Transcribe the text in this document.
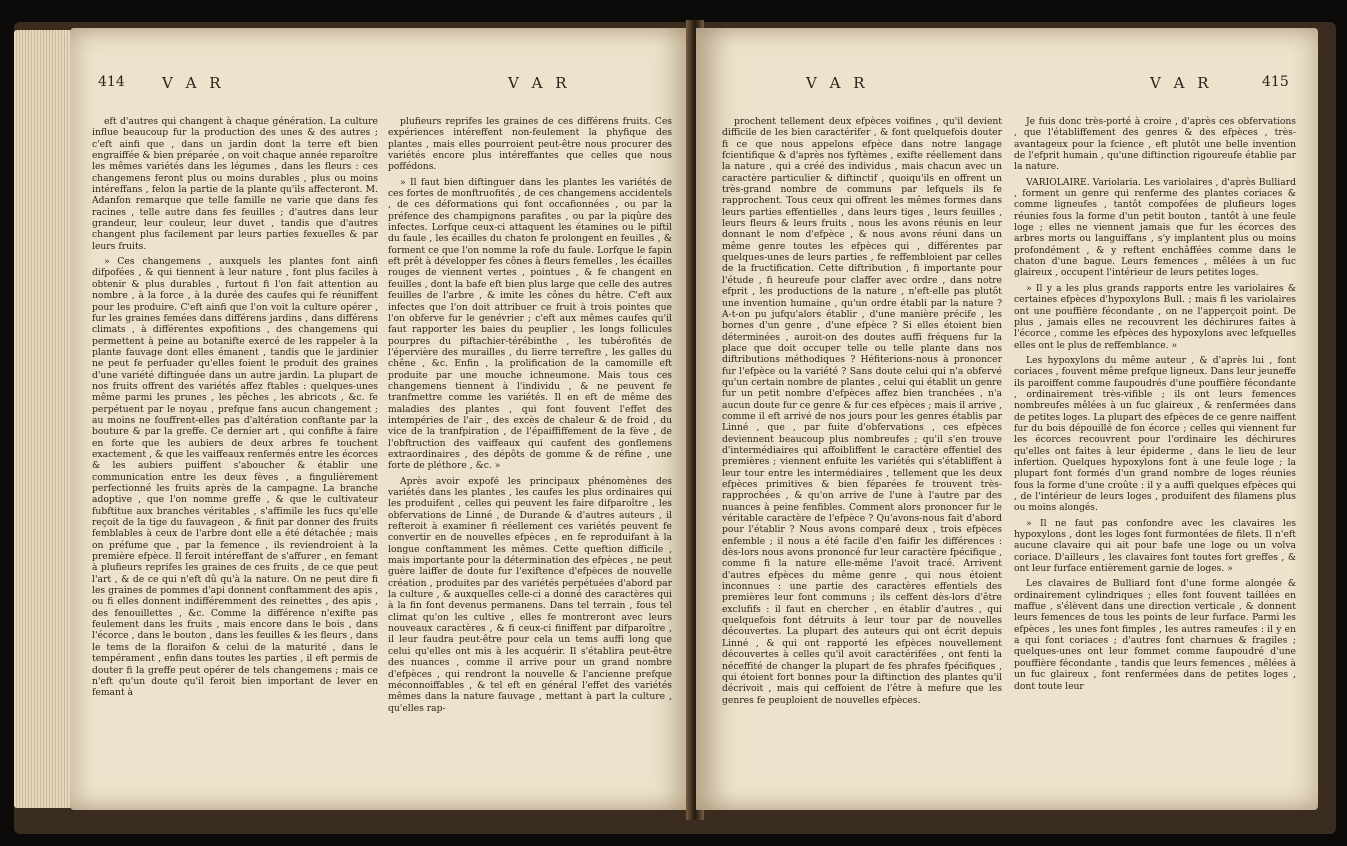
414 V A R	V A R

eft d'autres qui changent à chaque génération. La culture influe beaucoup fur la production des unes & des autres ; c'eft ainfi que , dans un jardin dont la terre eft bien engraiffée & bien préparée , on voit chaque année reparoître les mêmes variétés dans les légumes , dans les fleurs : ces changemens feront plus ou moins durables , plus ou moins intéreffans , felon la partie de la plante qu'ils affecteront. M. Adanfon remarque que telle famille ne varie que dans fes racines , telle autre dans fes feuilles ; d'autres dans leur grandeur, leur couleur, leur duvet , tandis que d'autres changent plus facilement par leurs parties fexuelles & par leurs fruits.

» Ces changemens , auxquels les plantes font ainfi difpofées , & qui tiennent à leur nature , font plus faciles à obtenir & plus durables , furtout fi l'on fait attention au nombre , à la force , à la durée des caufes qui fe réuniffent pour les produire. C'eft ainfi que l'on voit la culture opérer , fur les graines femées dans différens jardins , dans différens climats , à différentes expofitions , des changemens qui permettent à peine au botanifte exercé de les rappeler à la plante fauvage dont elles émanent , tandis que le jardinier ne peut fe perfuader qu'elles foient le produit des graines d'une variété diftinguée dans un autre jardin. La plupart de nos fruits offrent des variétés affez ftables : quelques-unes même parmi les prunes , les pêches , les abricots , &c. fe perpétuent par le noyau , prefque fans aucun changement ; au moins ne fouffrent-elles pas d'altération conftante par la bouture & par la greffe. Ce dernier art , qui confifte à faire en forte que les aubiers de deux arbres fe touchent exactement , & que les vaiffeaux renfermés entre les écorces & les aubiers puiffent s'aboucher & établir une communication entre les deux fèves , a fingulièrement perfectionné les fruits après de la campagne. La branche adoptive , que l'on nomme greffe , & que le cultivateur fubftitue aux branches véritables , s'affimile les fucs qu'elle reçoit de la tige du fauvageon , & finit par donner des fruits femblables à ceux de l'arbre dont elle a été détachée ; mais on préfume que , par la femence , ils reviendroient à la première efpèce. Il feroit intéreffant de s'affurer , en femant à plufieurs reprifes les graines de ces fruits , de ce que peut l'art , & de ce qui n'eft dû qu'à la nature. On ne peut dire fi les graines de pommes d'api donnent conftamment des apis , ou fi elles donnent indifféremment des reinettes , des apis , des fenouillettes , &c. Comme la différence n'exifte pas feulement dans les fruits , mais encore dans le bois , dans l'écorce , dans le bouton , dans les feuilles & les fleurs , dans le tems de la floraifon & celui de la maturité , dans le tempérament , enfin dans toutes les parties , il eft permis de douter fi la greffe peut opérer de tels changemens ; mais ce n'eft qu'un doute qu'il feroit bien important de lever en femant à

plufieurs reprifes les graines de ces différens fruits. Ces expériences intéreffent non-feulement la phyfique des plantes , mais elles pourroient peut-être nous procurer des variétés encore plus intéreffantes que celles que nous poffédons.

» Il faut bien diftinguer dans les plantes les variétés de ces fortes de monftruofités , de ces changemens accidentels , de ces déformations qui font occafionnées , ou par la préfence des champignons parafites , ou par la piqûre des infectes. Lorfque ceux-ci attaquent les étamines ou le piftil du faule , les écailles du chaton fe prolongent en feuilles , & forment ce que l'on nomme la rofe du faule. Lorfque le fapin eft prêt à développer fes cônes à fleurs femelles , les écailles rouges de viennent vertes , pointues , & fe changent en feuilles , dont la bafe eft bien plus large que celle des autres feuilles de l'arbre , & imite les cônes du hêtre. C'eft aux infectes que l'on doit attribuer ce fruit à trois pointes que l'on obferve fur le genévrier ; c'eft aux mêmes caufes qu'il faut rapporter les baies du peuplier , les longs follicules pourpres du piftachier-térébinthe , les tubérofités de l'épervière des murailles , du lierre terreftre , les galles du chêne , &c. Enfin , la prolification de la camomille eft produite par une mouche ichneumone. Mais tous ces changemens tiennent à l'individu , & ne peuvent fe tranfmettre comme les variétés. Il en eft de même des maladies des plantes , qui font fouvent l'effet des intempéries de l'air , des excès de chaleur & de froid , du vice de la tranfpiration , de l'épaiffiffement de la fève , de l'obftruction des vaiffeaux qui caufent des gonflemens extraordinaires , des dépôts de gomme & de réfine , une forte de pléthore , &c. »

Après avoir expofé les principaux phénomènes des variétés dans les plantes , les caufes les plus ordinaires qui les produifent , celles qui peuvent les faire difparoître , les obfervations de Linné , de Durande & d'autres auteurs , il refteroit à examiner fi réellement ces variétés peuvent fe convertir en de nouvelles efpèces , en fe reproduifant à la longue conftamment les mêmes. Cette queftion difficile , mais importante pour la détermination des efpèces , ne peut guère laiffer de doute fur l'exiftence d'efpèces de nouvelle création , produites par des variétés perpétuées d'abord par la culture , & auxquelles celle-ci a donné des caractères qui à la fin font devenus permanens. Dans tel terrain , fous tel climat qu'on les cultive , elles fe montreront avec leurs nouveaux caractères , & fi ceux-ci finiffent par difparoître , il leur faudra peut-être pour cela un tems auffi long que celui qu'elles ont mis à les acquérir. Il s'établira peut-être des nuances , comme il arrive pour un grand nombre d'efpèces , qui rendront la nouvelle & l'ancienne prefque méconnoiffables , & tel eft en général l'effet des variétés mêmes dans la nature fauvage , mettant à part la culture , qu'elles rap-

V A R	V A R	415

prochent tellement deux efpèces voifines , qu'il devient difficile de les bien caractérifer , & font quelquefois douter fi ce que nous appelons efpèce dans notre langage fcientifique & d'après nos fyftèmes , exifte réellement dans la nature , qui a créé des individus , mais chacun avec un caractère particulier & diftinctif , quoiqu'ils en offrent un très-grand nombre de communs par lefquels ils fe rapprochent. Tous ceux qui offrent les mêmes formes dans leurs parties effentielles , dans leurs tiges , leurs feuilles , leurs fleurs & leurs fruits , nous les avons réunis en leur donnant le nom d'efpèce , & nous avons réuni dans un même genre toutes les efpèces qui , différentes par quelques-unes de leurs parties , fe reffembloient par celles de la fructification. Cette diftribution , fi importante pour l'étude , fi heureufe pour claffer avec ordre , dans notre efprit , les productions de la nature , n'eft-elle pas plutôt une invention humaine , qu'un ordre établi par la nature ? A-t-on pu jufqu'alors établir , d'une manière précife , les bornes d'un genre , d'une efpèce ? Si elles étoient bien déterminées , auroit-on des doutes auffi fréquens fur la place que doit occuper telle ou telle plante dans nos diftributions méthodiques ? Héfiterions-nous à prononcer fur l'efpèce ou la variété ? Sans doute celui qui n'a obfervé qu'un certain nombre de plantes , celui qui établit un genre fur un petit nombre d'efpèces affez bien tranchées , n'a aucun doute fur ce genre & fur ces efpèces ; mais il arrive , comme il eft arrivé de nos jours pour les genres établis par Linné , que , par fuite d'obfervations , ces efpèces deviennent beaucoup plus nombreufes ; qu'il s'en trouve d'intermédiaires qui affoibliffent le caractère effentiel des premières ; viennent enfuite les variétés qui s'établiffent à leur tour entre les intermédiaires , tellement que les deux efpèces primitives & bien féparées fe trouvent très-rapprochées , & qu'on arrive de l'une à l'autre par des nuances à peine fenfibles. Comment alors prononcer fur le véritable caractère de l'efpèce ? Qu'avons-nous fait d'abord pour l'établir ? Nous avons comparé deux , trois efpèces enfemble ; il nous a été facile d'en faifir les différences : dès-lors nous avons prononcé fur leur caractère fpécifique , comme fi la nature elle-même l'avoit tracé. Arrivent d'autres efpèces du même genre , qui nous étoient inconnues : une partie des caractères effentiels des premières leur font communs ; ils ceffent dès-lors d'être exclufifs : il faut en chercher , en établir d'autres , qui quelquefois font détruits à leur tour par de nouvelles découvertes. La plupart des auteurs qui ont écrit depuis Linné , & qui ont rapporté les efpèces nouvellement découvertes à celles qu'il avoit caractérifées , ont fenti la néceffité de changer la plupart de fes phrafes fpécifiques , qui étoient fort bonnes pour la diftinction des plantes qu'il décrivoit , mais qui ceffoient de l'être à mefure que les genres fe peuploient de nouvelles efpèces.

Je fuis donc très-porté à croire , d'après ces obfervations , que l'établiffement des genres & des efpèces , très-avantageux pour la fcience , eft plutôt une belle invention de l'efprit humain , qu'une diftinction rigoureufe établie par la nature.

VARIOLAIRE. Variolaria. Les variolaires , d'après Bulliard , forment un genre qui renferme des plantes coriaces & comme ligneufes , tantôt compofées de plufieurs loges réunies fous la forme d'un petit bouton , tantôt à une feule loge ; elles ne viennent jamais que fur les écorces des arbres morts ou languiffans , s'y implantent plus ou moins profondément , & y reftent enchâffées comme dans le chaton d'une bague. Leurs femences , mêlées à un fuc glaireux , occupent l'intérieur de leurs petites loges.

» Il y a les plus grands rapports entre les variolaires & certaines efpèces d'hypoxylons Bull. ; mais fi les variolaires ont une pouffière fécondante , on ne l'apperçoit point. De plus , jamais elles ne recouvrent les déchirures faites à l'écorce , comme les efpèces des hypoxylons avec lefquelles elles ont le plus de reffemblance. »

Les hypoxylons du même auteur , & d'après lui , font coriaces , fouvent même prefque ligneux. Dans leur jeuneffe ils paroiffent comme faupoudrés d'une pouffière fécondante , ordinairement très-vifible ; ils ont leurs femences nombreufes mêlées à un fuc glaireux , & renfermées dans de petites loges. La plupart des efpèces de ce genre naiffent fur du bois dépouillé de fon écorce ; celles qui viennent fur les écorces recouvrent pour l'ordinaire les déchirures qu'elles ont faites à leur épiderme , dans le lieu de leur infertion. Quelques hypoxylons font à une feule loge ; la plupart font formés d'un grand nombre de loges réunies fous la forme d'une croûte : il y a auffi quelques efpèces qui , de l'intérieur de leurs loges , produifent des filamens plus ou moins alongés.

» Il ne faut pas confondre avec les clavaires les hypoxylons , dont les loges font furmontées de filets. Il n'eft aucune clavaire qui ait pour bafe une loge ou un volva coriace. D'ailleurs , les clavaires font toutes fort greffes , & ont leur furface entièrement garnie de loges. »

Les clavaires de Bulliard font d'une forme alongée & ordinairement cylindriques ; elles font fouvent taillées en maffue , s'élèvent dans une direction verticale , & donnent leurs femences de tous les points de leur furface. Parmi les efpèces , les unes font fimples , les autres rameufes : il y en a qui font coriaces ; d'autres font charnues & fragiles ; quelques-unes ont leur fommet comme faupoudré d'une pouffière fécondante , tandis que leurs femences , mêlées à un fuc glaireux , font renfermées dans de petites loges , dont toute leur
